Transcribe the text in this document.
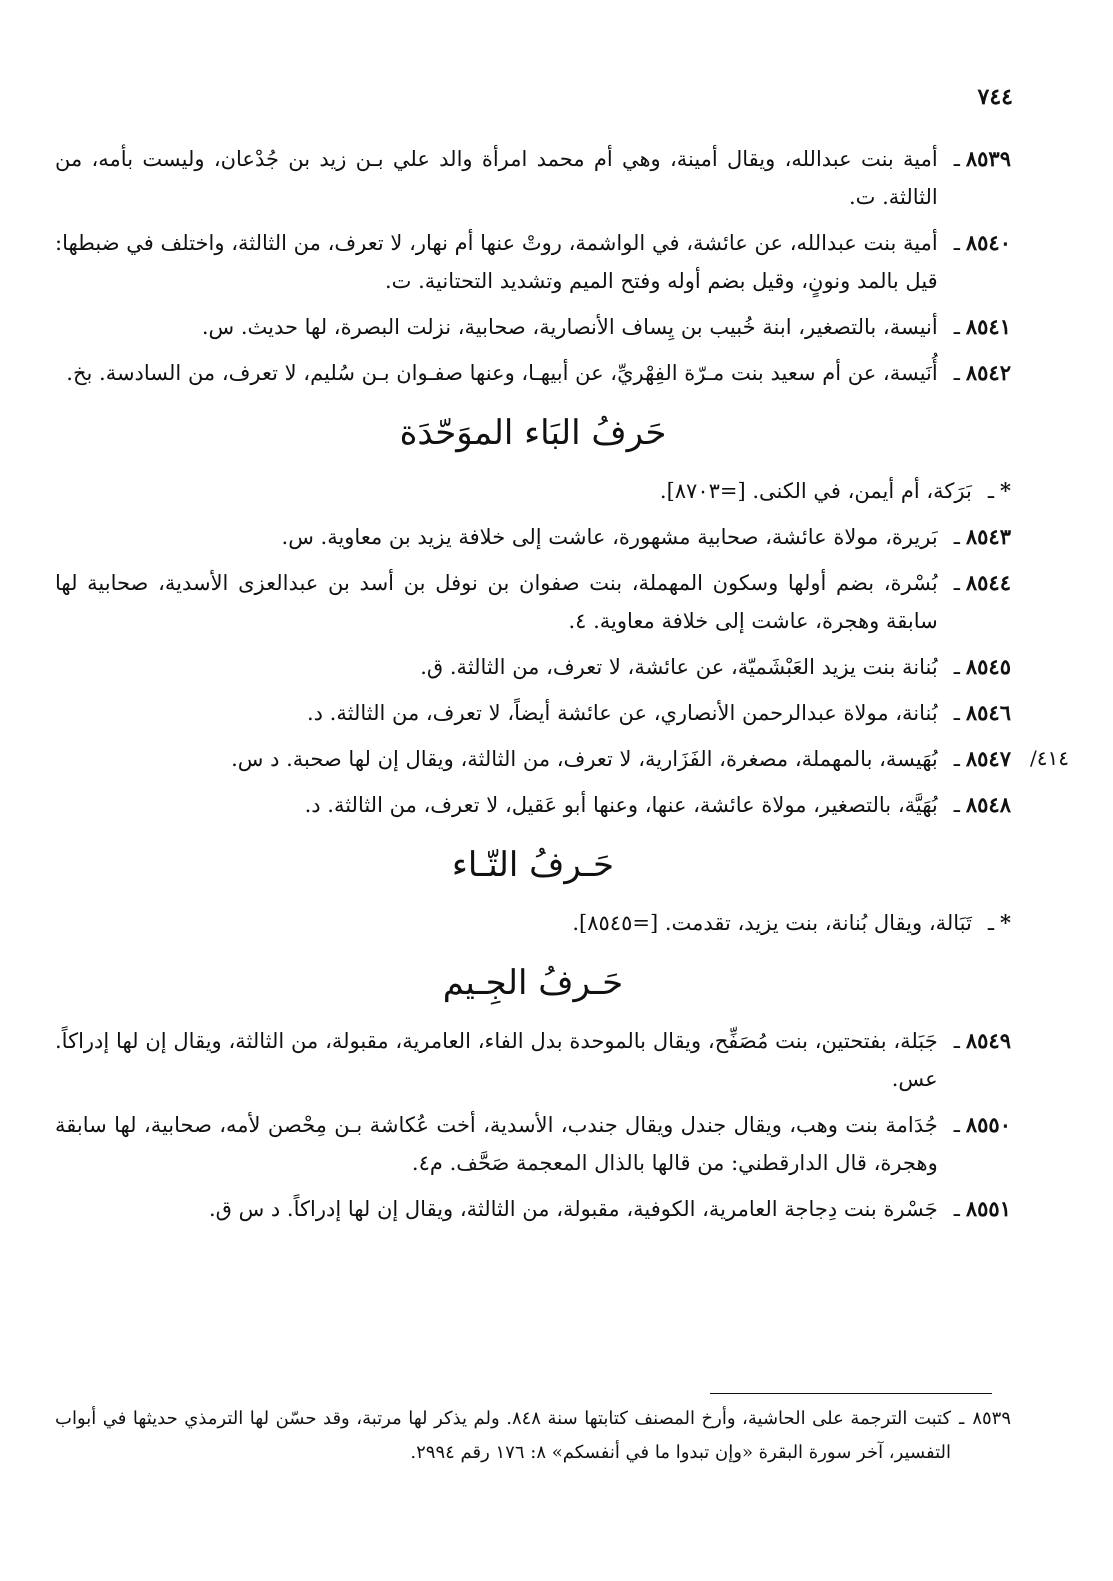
٧٤٤
٤١٤/
٨٥٣٩ـ
أمية بنت عبدالله، ويقال أمينة، وهي أم محمد امرأة والد علي بـن زيد بن جُدْعان، وليست بأمه، من الثالثة. ت.
٨٥٤٠ـ
أمية بنت عبدالله، عن عائشة، في الواشمة، روتْ عنها أم نهار، لا تعرف، من الثالثة، واختلف في ضبطها: قيل بالمد ونونٍ، وقيل بضم أوله وفتح الميم وتشديد التحتانية. ت.
٨٥٤١ـ
أنيسة، بالتصغير، ابنة خُبيب بن يِساف الأنصارية، صحابية، نزلت البصرة، لها حديث. س.
٨٥٤٢ـ
أُنَيسة، عن أم سعيد بنت مـرّة الفِهْريِّ، عن أبيهـا، وعنها صفـوان بـن سُليم، لا تعرف، من السادسة. بخ.
حَرفُ البَاء الموَحّدَة
*ـ
بَرَكة، أم أيمن، في الكنى. [=٨٧٠٣].
٨٥٤٣ـ
بَريرة، مولاة عائشة، صحابية مشهورة، عاشت إلى خلافة يزيد بن معاوية. س.
٨٥٤٤ـ
بُسْرة، بضم أولها وسكون المهملة، بنت صفوان بن نوفل بن أسد بن عبدالعزى الأسدية، صحابية لها سابقة وهجرة، عاشت إلى خلافة معاوية. ٤.
٨٥٤٥ـ
بُنانة بنت يزيد العَبْشَميّة، عن عائشة، لا تعرف، من الثالثة. ق.
٨٥٤٦ـ
بُنانة، مولاة عبدالرحمن الأنصاري، عن عائشة أيضاً، لا تعرف، من الثالثة. د.
٨٥٤٧ـ
بُهَيسة، بالمهملة، مصغرة، الفَزَارية، لا تعرف، من الثالثة، ويقال إن لها صحبة. د س.
٨٥٤٨ـ
بُهَيَّة، بالتصغير، مولاة عائشة، عنها، وعنها أبو عَقيل، لا تعرف، من الثالثة. د.
حَـرفُ التّـاء
*ـ
تَبَالة، ويقال بُنانة، بنت يزيد، تقدمت. [=٨٥٤٥].
حَـرفُ الجِـيم
٨٥٤٩ـ
جَبَلة، بفتحتين، بنت مُصَفِّح، ويقال بالموحدة بدل الفاء، العامرية، مقبولة، من الثالثة، ويقال إن لها إدراكاً. عس.
٨٥٥٠ـ
جُدَامة بنت وهب، ويقال جندل ويقال جندب، الأسدية، أخت عُكاشة بـن مِحْصن لأمه، صحابية، لها سابقة وهجرة، قال الدارقطني: من قالها بالذال المعجمة صَحَّف. م٤.
٨٥٥١ـ
جَسْرة بنت دِجاجة العامرية، الكوفية، مقبولة، من الثالثة، ويقال إن لها إدراكاً. د س ق.
٨٥٣٩
ـ
كتبت الترجمة على الحاشية، وأرخ المصنف كتابتها سنة ٨٤٨. ولم يذكر لها مرتبة، وقد حسّن لها الترمذي حديثها في أبواب التفسير، آخر سورة البقرة «وإن تبدوا ما في أنفسكم» ٨: ١٧٦ رقم ٢٩٩٤.
